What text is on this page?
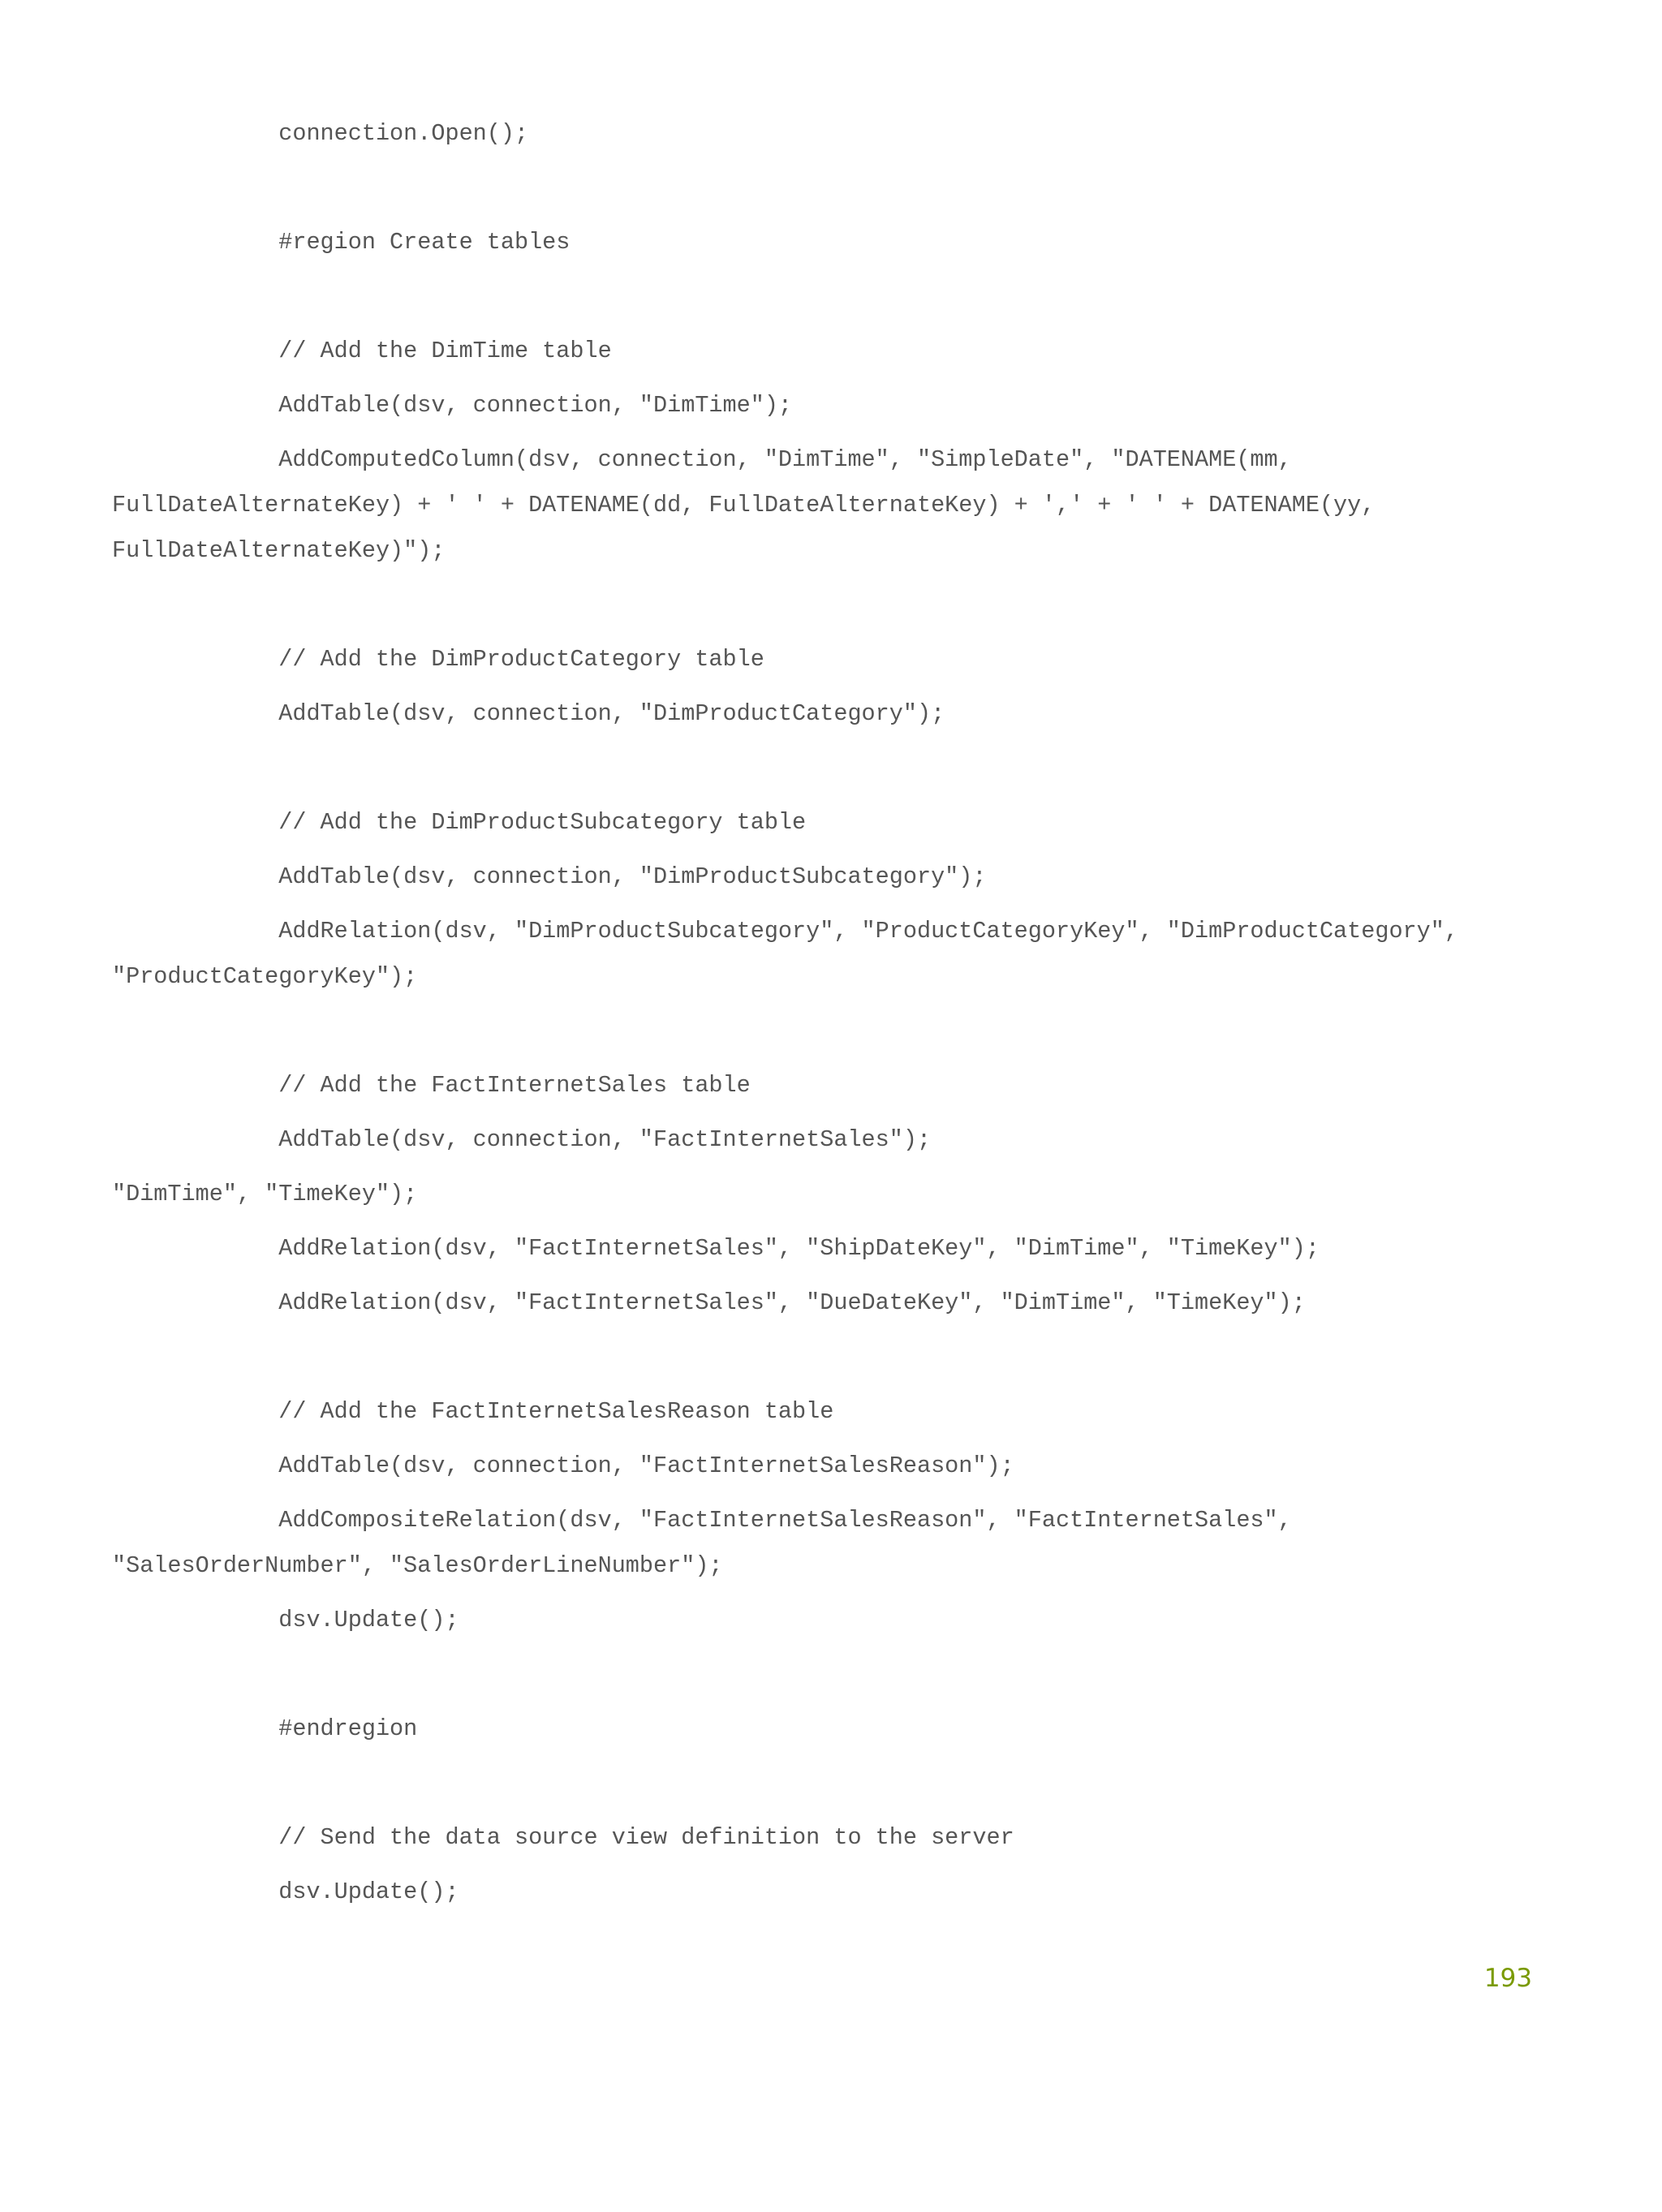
connection.Open();

#region Create tables

// Add the DimTime table

AddTable(dsv, connection, "DimTime");

AddComputedColumn(dsv, connection, "DimTime", "SimpleDate", "DATENAME(mm,

FullDateAlternateKey) + ' ' + DATENAME(dd, FullDateAlternateKey) + ',' + ' ' + DATENAME(yy,

FullDateAlternateKey)");

// Add the DimProductCategory table

AddTable(dsv, connection, "DimProductCategory");

// Add the DimProductSubcategory table

AddTable(dsv, connection, "DimProductSubcategory");

AddRelation(dsv, "DimProductSubcategory", "ProductCategoryKey", "DimProductCategory",

"ProductCategoryKey");

// Add the FactInternetSales table

AddTable(dsv, connection, "FactInternetSales");

"DimTime", "TimeKey");

AddRelation(dsv, "FactInternetSales", "ShipDateKey", "DimTime", "TimeKey");

AddRelation(dsv, "FactInternetSales", "DueDateKey", "DimTime", "TimeKey");

// Add the FactInternetSalesReason table

AddTable(dsv, connection, "FactInternetSalesReason");

AddCompositeRelation(dsv, "FactInternetSalesReason", "FactInternetSales",

"SalesOrderNumber", "SalesOrderLineNumber");

dsv.Update();

#endregion

// Send the data source view definition to the server

dsv.Update();

193
